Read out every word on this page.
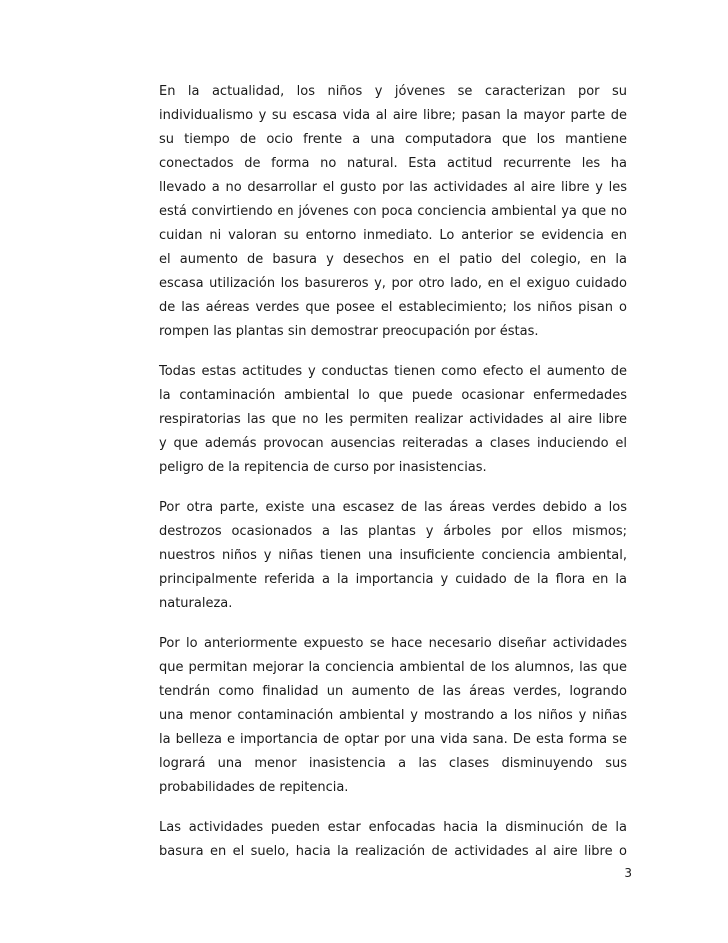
En la actualidad, los niños y jóvenes se caracterizan por su
individualismo y su escasa vida al aire libre; pasan la mayor parte de
su tiempo de ocio frente a una computadora que los mantiene
conectados de forma no natural. Esta actitud recurrente les ha
llevado a no desarrollar el gusto por las actividades al aire libre y les
está convirtiendo en jóvenes con poca conciencia ambiental ya que no
cuidan ni valoran su entorno inmediato. Lo anterior se evidencia en
el aumento de basura y desechos en el patio del colegio, en la
escasa utilización los basureros y, por otro lado, en el exiguo cuidado
de las aéreas verdes que posee el establecimiento; los niños pisan o
rompen las plantas sin demostrar preocupación por éstas.

Todas estas actitudes y conductas tienen como efecto el aumento de
la contaminación ambiental lo que puede ocasionar enfermedades
respiratorias las que no les permiten realizar actividades al aire libre
y que además provocan ausencias reiteradas a clases induciendo el
peligro de la repitencia de curso por inasistencias.

Por otra parte, existe una escasez de las áreas verdes debido a los
destrozos ocasionados a las plantas y árboles por ellos mismos;
nuestros niños y niñas tienen una insuficiente conciencia ambiental,
principalmente referida a la importancia y cuidado de la flora en la
naturaleza.

Por lo anteriormente expuesto se hace necesario diseñar actividades
que permitan mejorar la conciencia ambiental de los alumnos, las que
tendrán como finalidad un aumento de las áreas verdes, logrando
una menor contaminación ambiental y mostrando a los niños y niñas
la belleza e importancia de optar por una vida sana. De esta forma se
logrará una menor inasistencia a las clases disminuyendo sus
probabilidades de repitencia.

Las actividades pueden estar enfocadas hacia la disminución de la
basura en el suelo, hacia la realización de actividades al aire libre o

3
